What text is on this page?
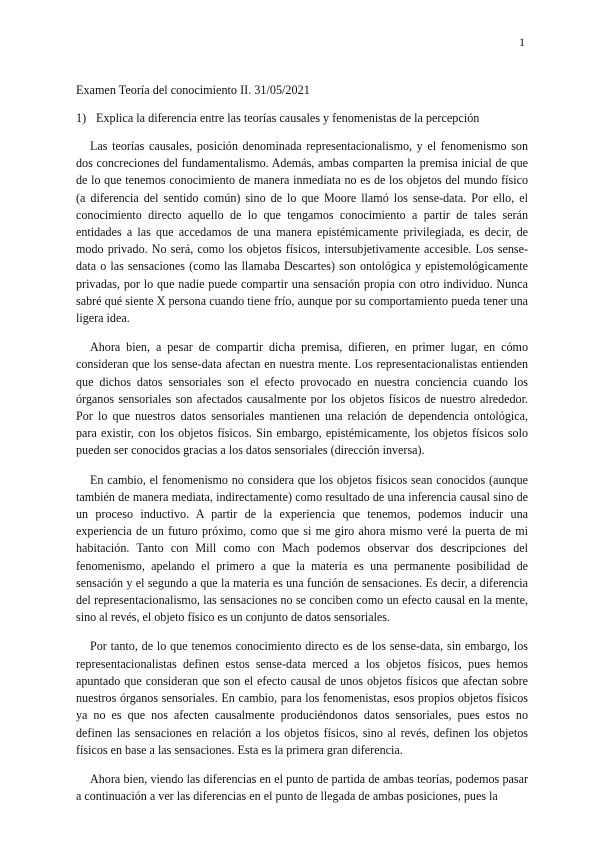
1
Examen Teoría del conocimiento II. 31/05/2021
1) Explica la diferencia entre las teorías causales y fenomenistas de la percepción

Las teorías causales, posición denominada representacionalismo, y el fenomenismo son dos concreciones del fundamentalismo. Además, ambas comparten la premisa inicial de que de lo que tenemos conocimiento de manera inmediata no es de los objetos del mundo físico (a diferencia del sentido común) sino de lo que Moore llamó los sense-data. Por ello, el conocimiento directo aquello de lo que tengamos conocimiento a partir de tales serán entidades a las que accedamos de una manera epistémicamente privilegiada, es decir, de modo privado. No será, como los objetos físicos, intersubjetivamente accesible. Los sense-data o las sensaciones (como las llamaba Descartes) son ontológica y epistemológicamente privadas, por lo que nadie puede compartir una sensación propia con otro individuo. Nunca sabré qué siente X persona cuando tiene frío, aunque por su comportamiento pueda tener una ligera idea.

Ahora bien, a pesar de compartir dicha premisa, difieren, en primer lugar, en cómo consideran que los sense-data afectan en nuestra mente. Los representacionalistas entienden que dichos datos sensoriales son el efecto provocado en nuestra conciencia cuando los órganos sensoriales son afectados causalmente por los objetos físicos de nuestro alrededor. Por lo que nuestros datos sensoriales mantienen una relación de dependencia ontológica, para existir, con los objetos físicos. Sin embargo, epistémicamente, los objetos físicos solo pueden ser conocidos gracias a los datos sensoriales (dirección inversa).

En cambio, el fenomenismo no considera que los objetos físicos sean conocidos (aunque también de manera mediata, indirectamente) como resultado de una inferencia causal sino de un proceso inductivo. A partir de la experiencia que tenemos, podemos inducir una experiencia de un futuro próximo, como que si me giro ahora mismo veré la puerta de mi habitación. Tanto con Mill como con Mach podemos observar dos descripciones del fenomenismo, apelando el primero a que la materia es una permanente posibilidad de sensación y el segundo a que la materia es una función de sensaciones. Es decir, a diferencia del representacionalismo, las sensaciones no se conciben como un efecto causal en la mente, sino al revés, el objeto físico es un conjunto de datos sensoriales.

Por tanto, de lo que tenemos conocimiento directo es de los sense-data, sin embargo, los representacionalistas definen estos sense-data merced a los objetos físicos, pues hemos apuntado que consideran que son el efecto causal de unos objetos físicos que afectan sobre nuestros órganos sensoriales. En cambio, para los fenomenistas, esos propios objetos físicos ya no es que nos afecten causalmente produciéndonos datos sensoriales, pues estos no definen las sensaciones en relación a los objetos físicos, sino al revés, definen los objetos físicos en base a las sensaciones. Esta es la primera gran diferencia.

Ahora bien, viendo las diferencias en el punto de partida de ambas teorías, podemos pasar a continuación a ver las diferencias en el punto de llegada de ambas posiciones, pues la
